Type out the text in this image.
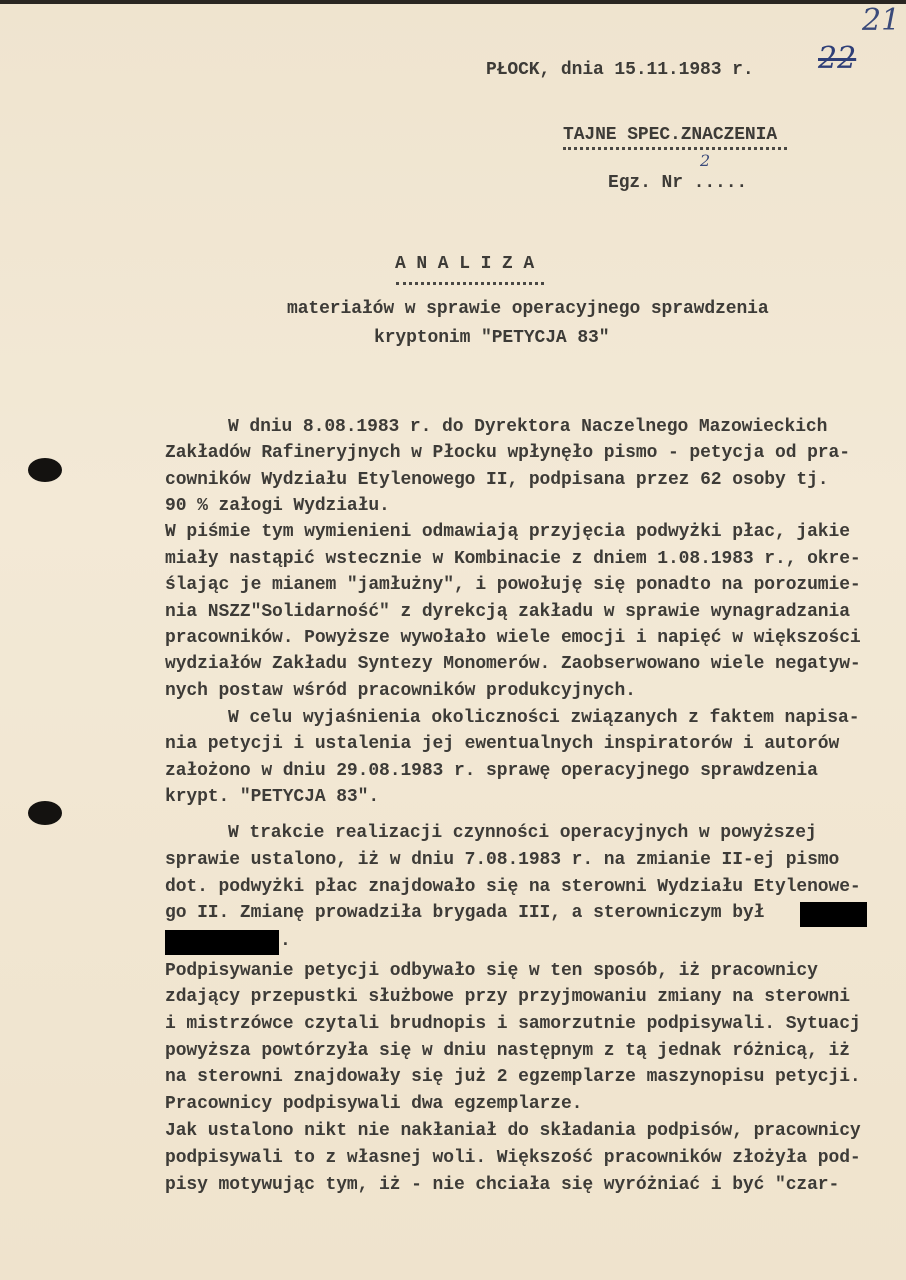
21
22
PŁOCK, dnia 15.11.1983 r.
TAJNE SPEC.ZNACZENIA
2
Egz. Nr .....
A N A L I Z A
materiałów w sprawie operacyjnego sprawdzenia
kryptonim "PETYCJA 83"
W dniu 8.08.1983 r. do Dyrektora Naczelnego Mazowieckich
Zakładów Rafineryjnych w Płocku wpłynęło pismo - petycja od pra-
cowników Wydziału Etylenowego II, podpisana przez 62 osoby tj.
90 % załogi Wydziału.
W piśmie tym wymienieni odmawiają przyjęcia podwyżki płac, jakie
miały nastąpić wstecznie w Kombinacie z dniem 1.08.1983 r., okre-
ślając je mianem "jamłużny", i powołuję się ponadto na porozumie-
nia NSZZ"Solidarność" z dyrekcją zakładu w sprawie wynagradzania
pracowników. Powyższe wywołało wiele emocji i napięć w większości
wydziałów Zakładu Syntezy Monomerów. Zaobserwowano wiele negatyw-
nych postaw wśród pracowników produkcyjnych.
W celu wyjaśnienia okoliczności związanych z faktem napisa-
nia petycji i ustalenia jej ewentualnych inspiratorów i autorów
założono w dniu 29.08.1983 r. sprawę operacyjnego sprawdzenia
krypt. "PETYCJA 83".
W trakcie realizacji czynności operacyjnych w powyższej
sprawie ustalono, iż w dniu 7.08.1983 r. na zmianie II-ej pismo
dot. podwyżki płac znajdowało się na sterowni Wydziału Etylenowe-
go II. Zmianę prowadziła brygada III, a sterowniczym był
.
Podpisywanie petycji odbywało się w ten sposób, iż pracownicy
zdający przepustki służbowe przy przyjmowaniu zmiany na sterowni
i mistrzówce czytali brudnopis i samorzutnie podpisywali. Sytuacj
powyższa powtórzyła się w dniu następnym z tą jednak różnicą, iż
na sterowni znajdowały się już 2 egzemplarze maszynopisu petycji.
Pracownicy podpisywali dwa egzemplarze.
Jak ustalono nikt nie nakłaniał do składania podpisów, pracownicy
podpisywali to z własnej woli. Większość pracowników złożyła pod-
pisy motywując tym, iż - nie chciała się wyróżniać i być "czar-
